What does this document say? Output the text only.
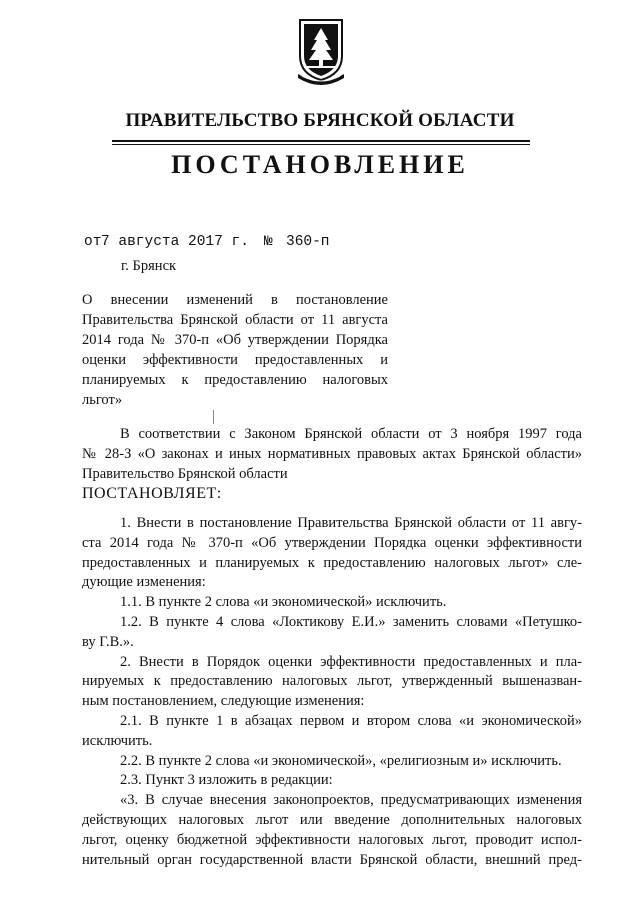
ПРАВИТЕЛЬСТВО БРЯНСКОЙ ОБЛАСТИ
ПОСТАНОВЛЕНИЕ
от 7 августа 2017 г. № 360-п
г. Брянск
О внесении изменений в постановление
Правительства Брянской области от 11 августа
2014 года № 370-п «Об утверждении Порядка
оценки эффективности предоставленных и
планируемых к предоставлению налоговых
льгот»
В соответствии с Законом Брянской области от 3 ноября 1997 года
№ 28-З «О законах и иных нормативных правовых актах Брянской области»
Правительство Брянской области
ПОСТАНОВЛЯЕТ:
1. Внести в постановление Правительства Брянской области от 11 авгу-
ста 2014 года № 370-п «Об утверждении Порядка оценки эффективности
предоставленных и планируемых к предоставлению налоговых льгот» сле-
дующие изменения:
1.1. В пункте 2 слова «и экономической» исключить.
1.2. В пункте 4 слова «Локтикову Е.И.» заменить словами «Петушко-
ву Г.В.».
2. Внести в Порядок оценки эффективности предоставленных и пла-
нируемых к предоставлению налоговых льгот, утвержденный вышеназван-
ным постановлением, следующие изменения:
2.1. В пункте 1 в абзацах первом и втором слова «и экономической»
исключить.
2.2. В пункте 2 слова «и экономической», «религиозным и» исключить.
2.3. Пункт 3 изложить в редакции:
«3. В случае внесения законопроектов, предусматривающих изменения
действующих налоговых льгот или введение дополнительных налоговых
льгот, оценку бюджетной эффективности налоговых льгот, проводит испол-
нительный орган государственной власти Брянской области, внешний пред-
